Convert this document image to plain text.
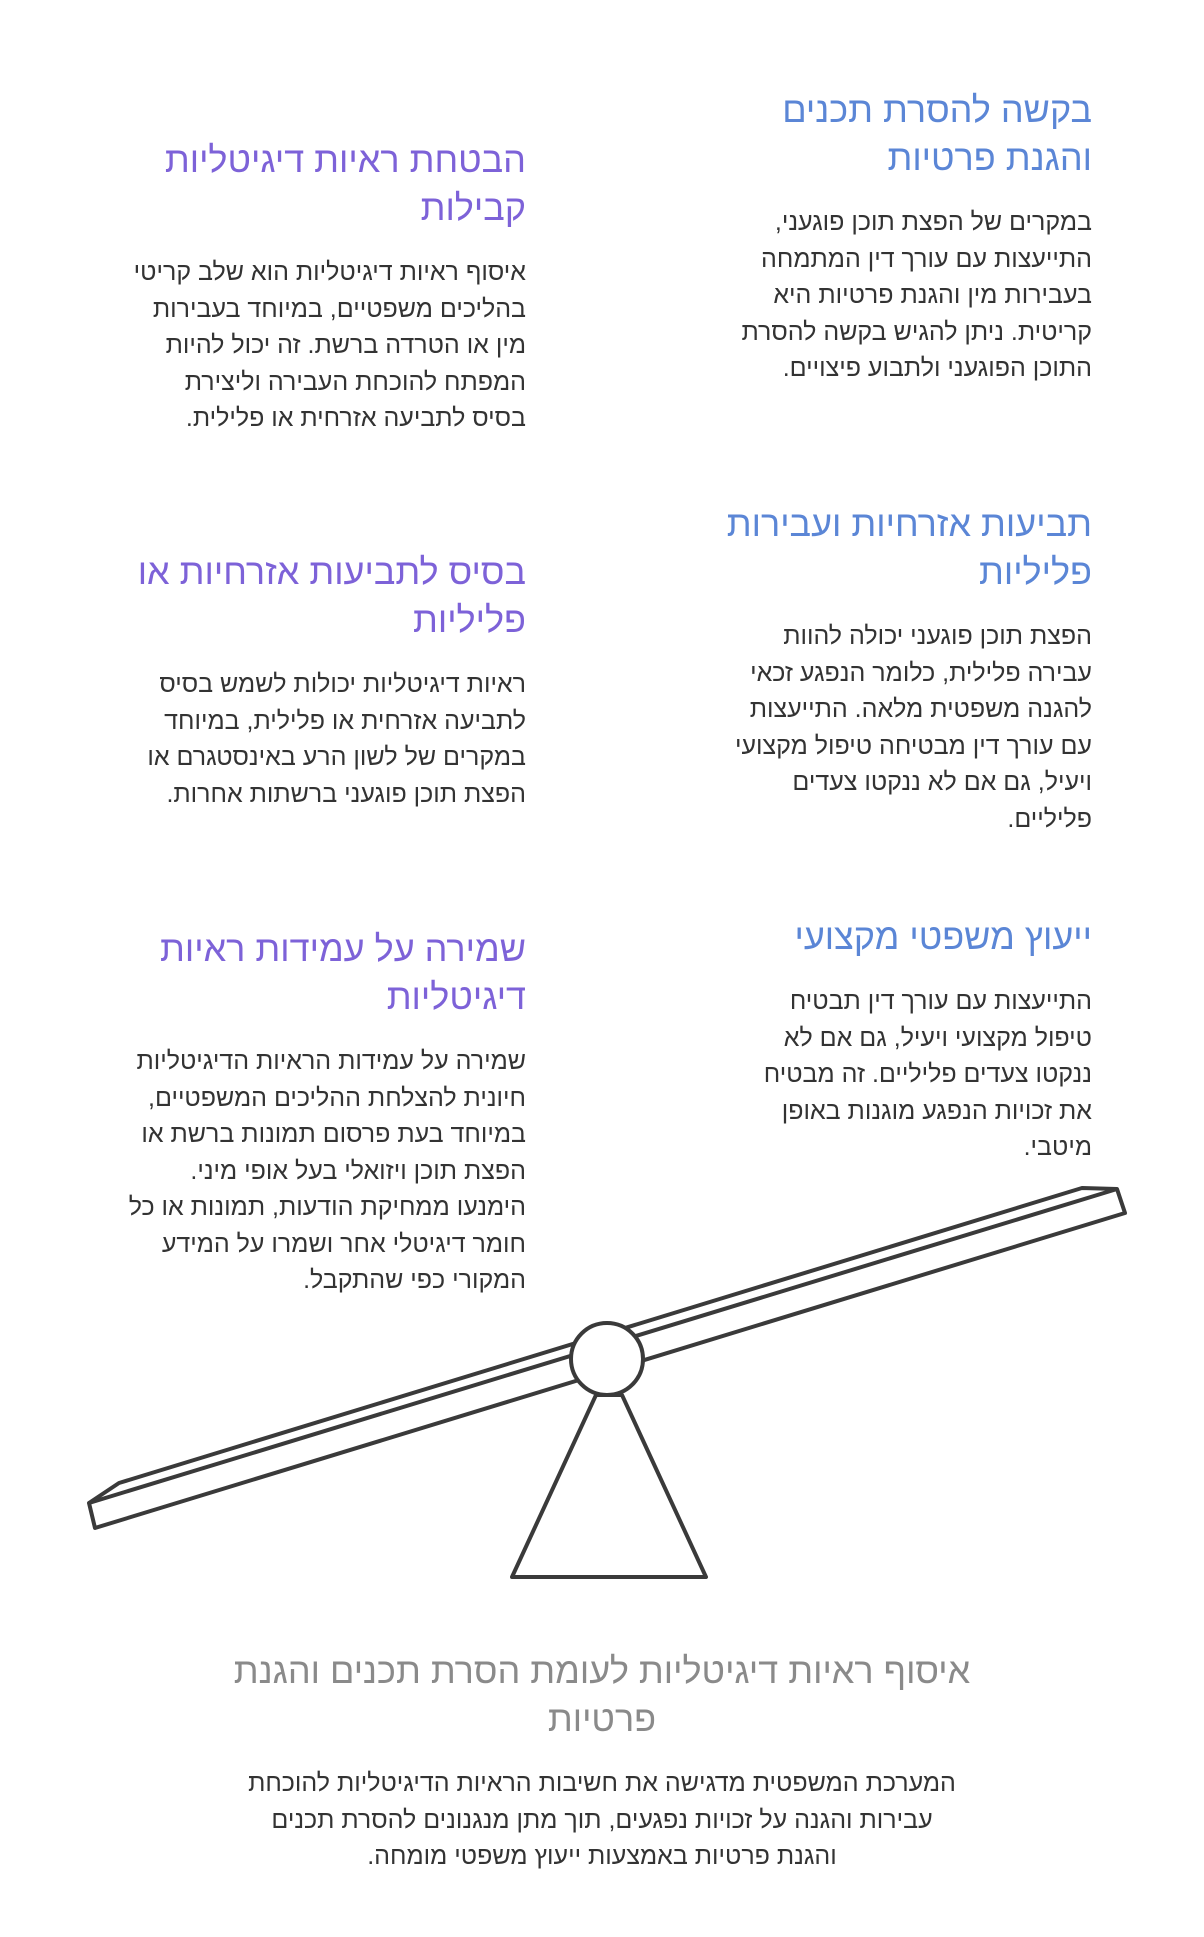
בקשה להסרת תכנים והגנת פרטיות

במקרים של הפצת תוכן פוגעני, התייעצות עם עורך דין המתמחה בעבירות מין והגנת פרטיות היא קריטית. ניתן להגיש בקשה להסרת התוכן הפוגעני ולתבוע פיצויים.

תביעות אזרחיות ועבירות פליליות

הפצת תוכן פוגעני יכולה להוות עבירה פלילית, כלומר הנפגע זכאי להגנה משפטית מלאה. התייעצות עם עורך דין מבטיחה טיפול מקצועי ויעיל, גם אם לא ננקטו צעדים פליליים.

ייעוץ משפטי מקצועי

התייעצות עם עורך דין תבטיח טיפול מקצועי ויעיל, גם אם לא ננקטו צעדים פליליים. זה מבטיח את זכויות הנפגע מוגנות באופן מיטבי.

הבטחת ראיות דיגיטליות קבילות

איסוף ראיות דיגיטליות הוא שלב קריטי בהליכים משפטיים, במיוחד בעבירות מין או הטרדה ברשת. זה יכול להיות המפתח להוכחת העבירה וליצירת בסיס לתביעה אזרחית או פלילית.

בסיס לתביעות אזרחיות או פליליות

ראיות דיגיטליות יכולות לשמש בסיס לתביעה אזרחית או פלילית, במיוחד במקרים של לשון הרע באינסטגרם או הפצת תוכן פוגעני ברשתות אחרות.

שמירה על עמידות ראיות דיגיטליות

שמירה על עמידות הראיות הדיגיטליות חיונית להצלחת ההליכים המשפטיים, במיוחד בעת פרסום תמונות ברשת או הפצת תוכן ויזואלי בעל אופי מיני. הימנעו ממחיקת הודעות, תמונות או כל חומר דיגיטלי אחר ושמרו על המידע המקורי כפי שהתקבל.

איסוף ראיות דיגיטליות לעומת הסרת תכנים והגנת פרטיות

המערכת המשפטית מדגישה את חשיבות הראיות הדיגיטליות להוכחת עבירות והגנה על זכויות נפגעים, תוך מתן מנגנונים להסרת תכנים והגנת פרטיות באמצעות ייעוץ משפטי מומחה.
